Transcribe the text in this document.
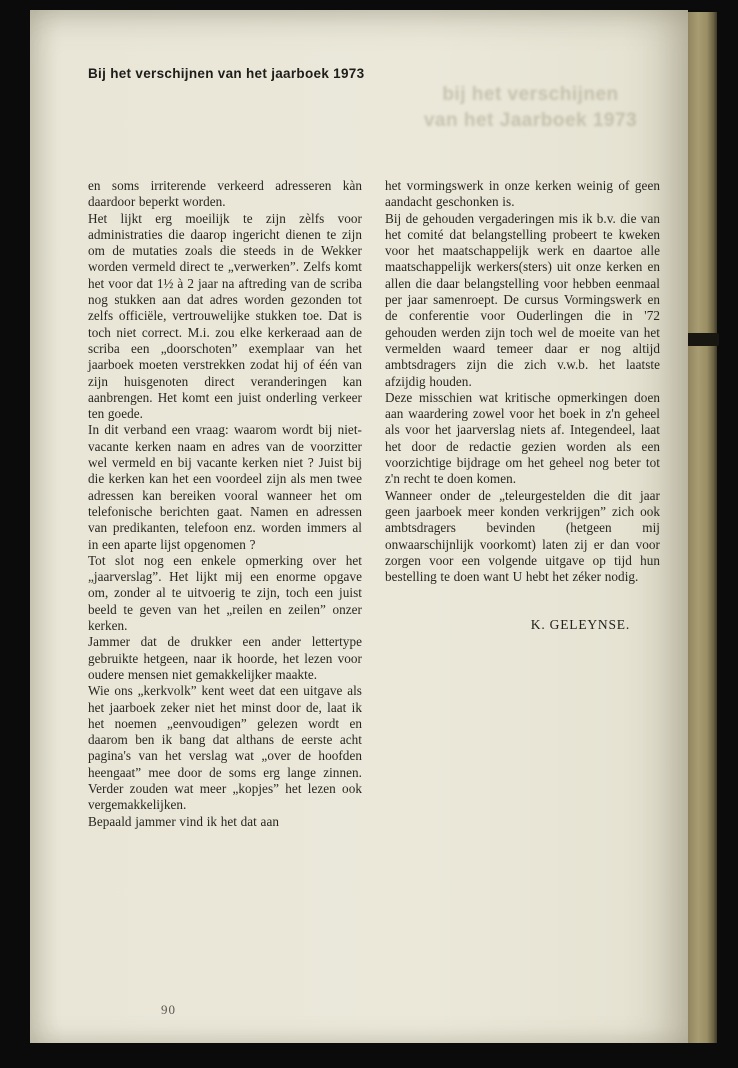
bij het verschijnen
van het Jaarboek 1973
Bij het verschijnen van het jaarboek 1973

en soms irriterende verkeerd adresseren kàn daardoor beperkt worden.

Het lijkt erg moeilijk te zijn zèlfs voor administraties die daarop ingericht dienen te zijn om de mutaties zoals die steeds in de Wekker worden vermeld direct te „verwerken”. Zelfs komt het voor dat 1½ à 2 jaar na aftreding van de scriba nog stukken aan dat adres worden gezonden tot zelfs officiële, vertrouwelijke stukken toe. Dat is toch niet correct. M.i. zou elke kerkeraad aan de scriba een „doorschoten” exemplaar van het jaarboek moeten verstrekken zodat hij of één van zijn huisgenoten direct veranderingen kan aanbrengen. Het komt een juist onderling verkeer ten goede.

In dit verband een vraag: waarom wordt bij niet-vacante kerken naam en adres van de voorzitter wel vermeld en bij vacante kerken niet ? Juist bij die kerken kan het een voordeel zijn als men twee adressen kan bereiken vooral wanneer het om telefonische berichten gaat. Namen en adressen van predikanten, telefoon enz. worden immers al in een aparte lijst opgenomen ?

Tot slot nog een enkele opmerking over het „jaarverslag”. Het lijkt mij een enorme opgave om, zonder al te uitvoerig te zijn, toch een juist beeld te geven van het „reilen en zeilen” onzer kerken.

Jammer dat de drukker een ander lettertype gebruikte hetgeen, naar ik hoorde, het lezen voor oudere mensen niet gemakkelijker maakte.

Wie ons „kerkvolk” kent weet dat een uitgave als het jaarboek zeker niet het minst door de, laat ik het noemen „eenvoudigen” gelezen wordt en daarom ben ik bang dat althans de eerste acht pagina's van het verslag wat „over de hoofden heengaat” mee door de soms erg lange zinnen. Verder zouden wat meer „kopjes” het lezen ook vergemakkelijken.

Bepaald jammer vind ik het dat aan

het vormingswerk in onze kerken weinig of geen aandacht geschonken is.

Bij de gehouden vergaderingen mis ik b.v. die van het comité dat belangstelling probeert te kweken voor het maatschappelijk werk en daartoe alle maatschappelijk werkers(sters) uit onze kerken en allen die daar belangstelling voor hebben eenmaal per jaar samenroept. De cursus Vormingswerk en de conferentie voor Ouderlingen die in '72 gehouden werden zijn toch wel de moeite van het vermelden waard temeer daar er nog altijd ambtsdragers zijn die zich v.w.b. het laatste afzijdig houden.

Deze misschien wat kritische opmerkingen doen aan waardering zowel voor het boek in z'n geheel als voor het jaarverslag niets af. Integendeel, laat het door de redactie gezien worden als een voorzichtige bijdrage om het geheel nog beter tot z'n recht te doen komen.

Wanneer onder de „teleurgestelden die dit jaar geen jaarboek meer konden verkrijgen” zich ook ambtsdragers bevinden (hetgeen mij onwaarschijnlijk voorkomt) laten zij er dan voor zorgen voor een volgende uitgave op tijd hun bestelling te doen want U hebt het zéker nodig.

K. GELEYNSE.
90
